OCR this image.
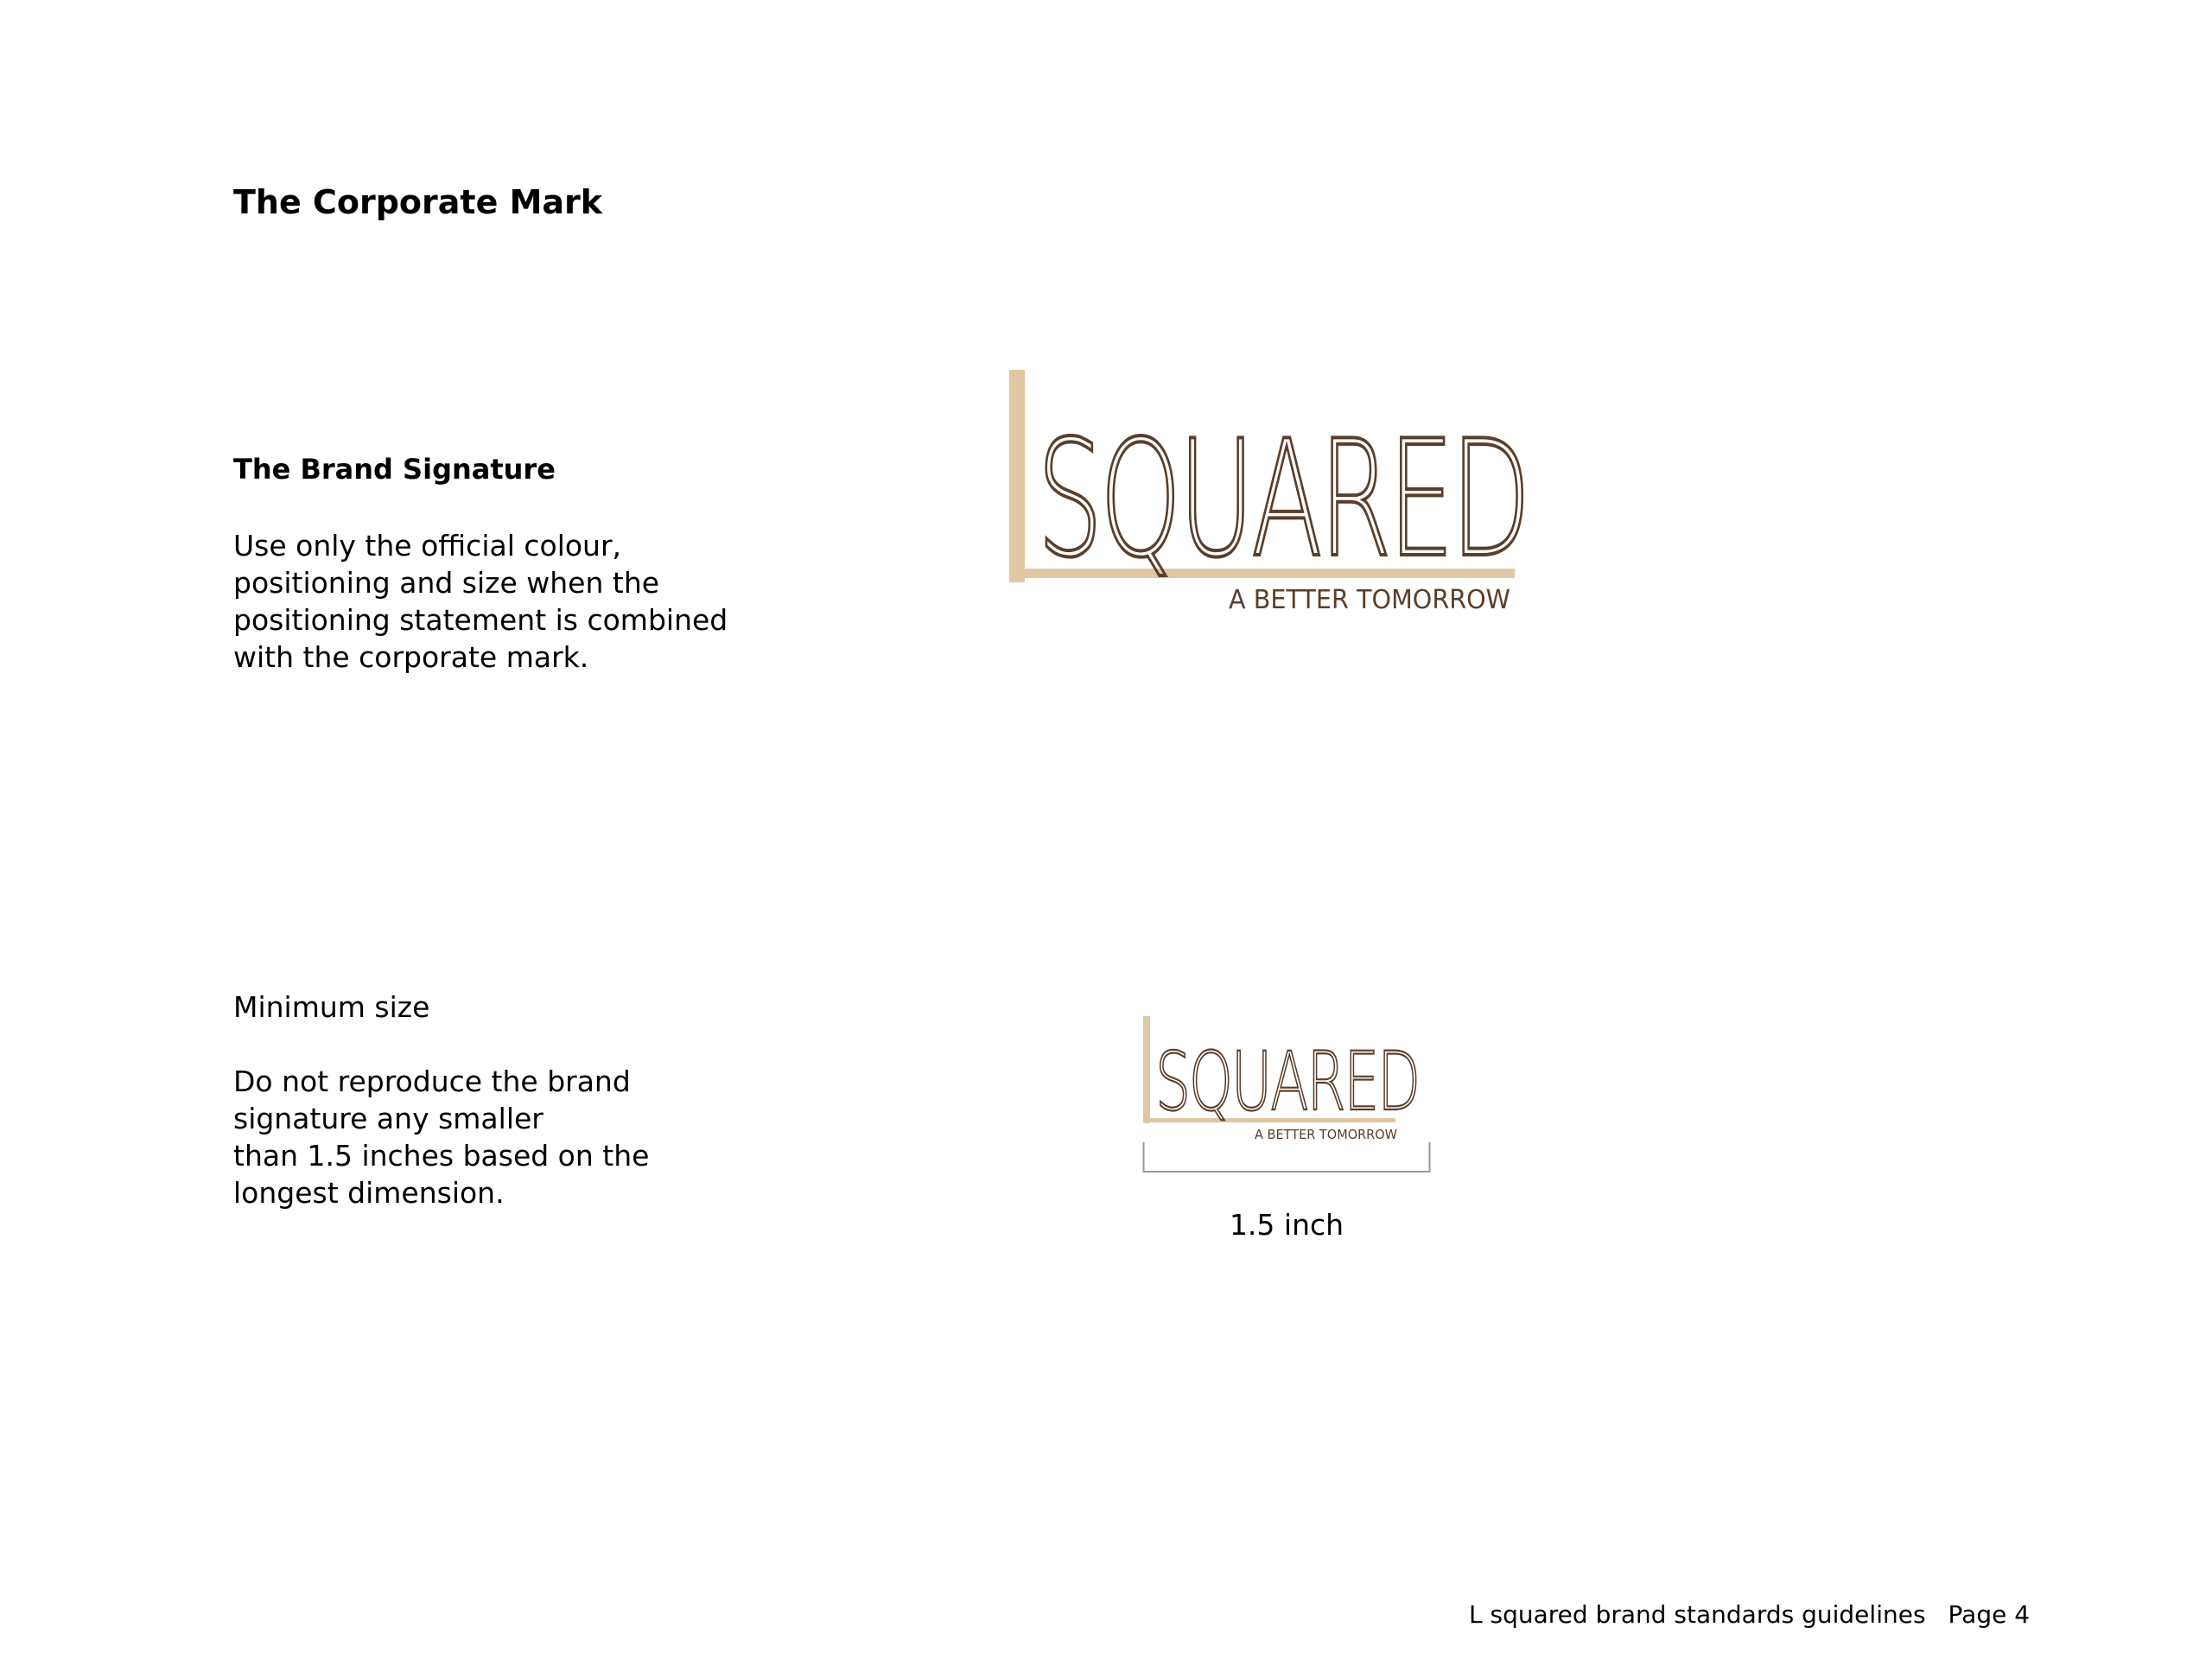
The Corporate Mark
The Brand Signature
Use only the official colour,
positioning and size when the
positioning statement is combined
with the corporate mark.
SQUARED
A BETTER TOMORROW
Minimum size
Do not reproduce the brand
signature any smaller
than 1.5 inches based on the
longest dimension.
SQUARED
A BETTER TOMORROW
1.5 inch
L squared brand standards guidelines Page 4
